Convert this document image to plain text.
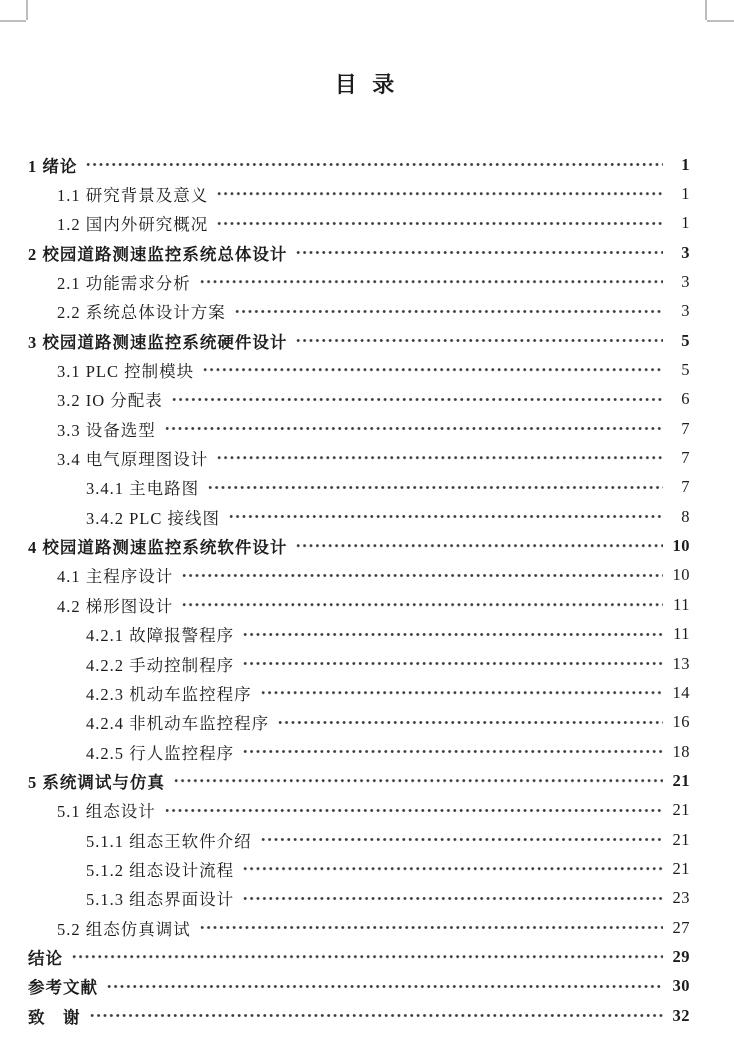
目 录
1 绪论	1
1.1 研究背景及意义	1
1.2 国内外研究概况	1
2 校园道路测速监控系统总体设计	3
2.1 功能需求分析	3
2.2 系统总体设计方案	3
3 校园道路测速监控系统硬件设计	5
3.1 PLC 控制模块	5
3.2 IO 分配表	6
3.3 设备选型	7
3.4 电气原理图设计	7
3.4.1 主电路图	7
3.4.2 PLC 接线图	8
4 校园道路测速监控系统软件设计	10
4.1 主程序设计	10
4.2 梯形图设计	11
4.2.1 故障报警程序	11
4.2.2 手动控制程序	13
4.2.3 机动车监控程序	14
4.2.4 非机动车监控程序	16
4.2.5 行人监控程序	18
5 系统调试与仿真	21
5.1 组态设计	21
5.1.1 组态王软件介绍	21
5.1.2 组态设计流程	21
5.1.3 组态界面设计	23
5.2 组态仿真调试	27
结论	29
参考文献	30
致　谢	32
